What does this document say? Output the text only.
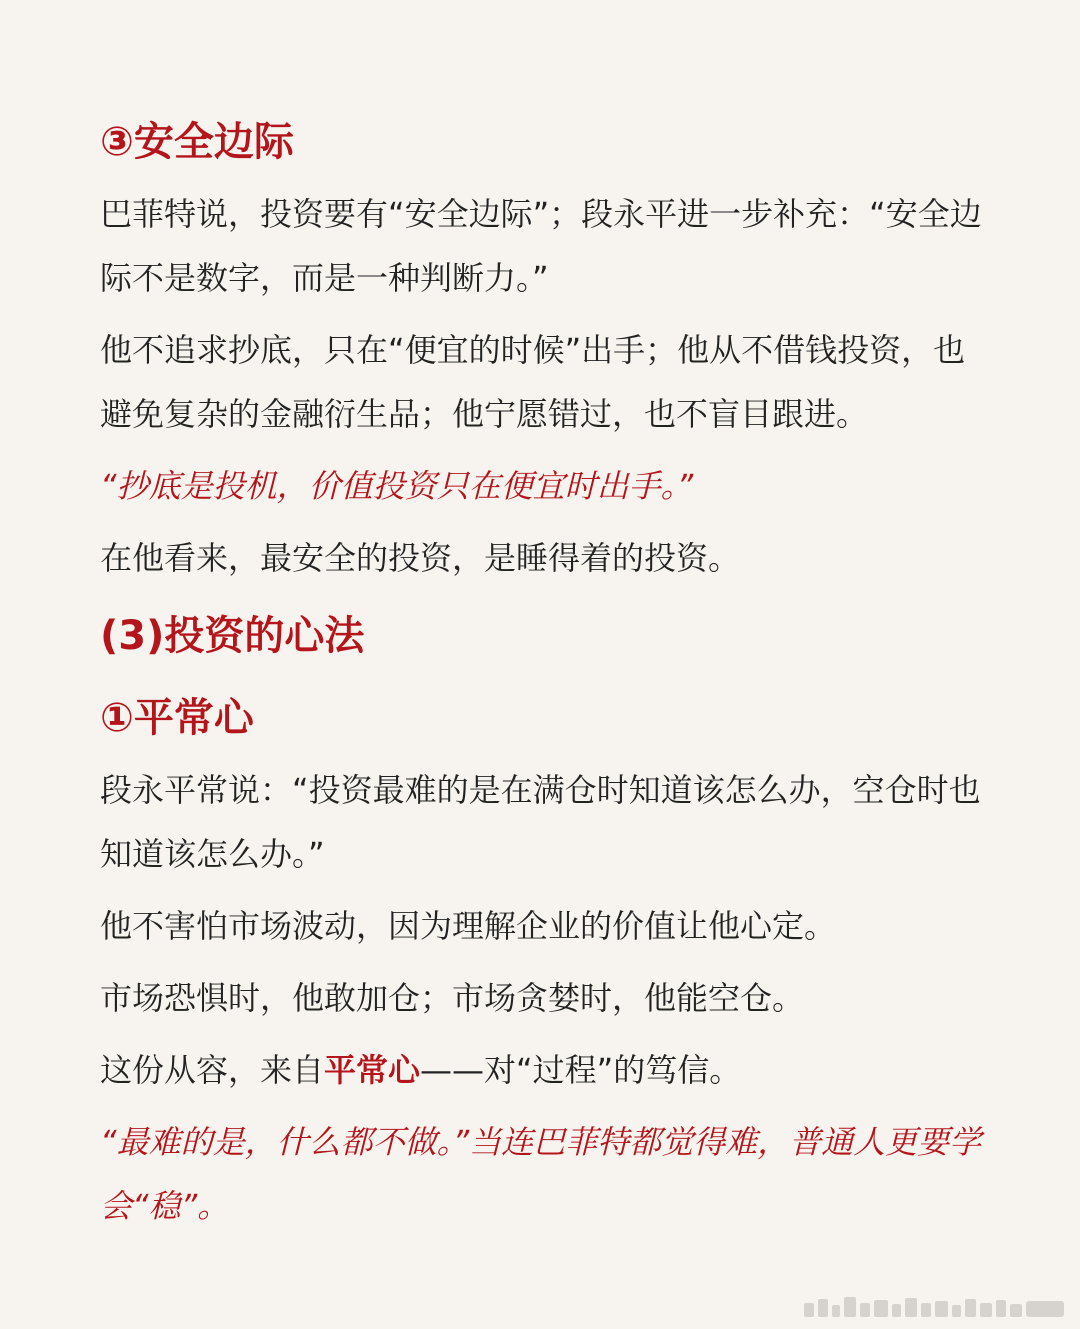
③安全边际

巴菲特说，投资要有“安全边际”；段永平进一步补充：“安全边际不是数字，而是一种判断力。”

他不追求抄底，只在“便宜的时候”出手；他从不借钱投资，也避免复杂的金融衍生品；他宁愿错过，也不盲目跟进。

“抄底是投机，价值投资只在便宜时出手。”

在他看来，最安全的投资，是睡得着的投资。

(3)投资的心法
①平常心

段永平常说：“投资最难的是在满仓时知道该怎么办，空仓时也知道该怎么办。”

他不害怕市场波动，因为理解企业的价值让他心定。

市场恐惧时，他敢加仓；市场贪婪时，他能空仓。

这份从容，来自平常心——对“过程”的笃信。

“最难的是，什么都不做。”当连巴菲特都觉得难，普通人更要学会“稳”。
